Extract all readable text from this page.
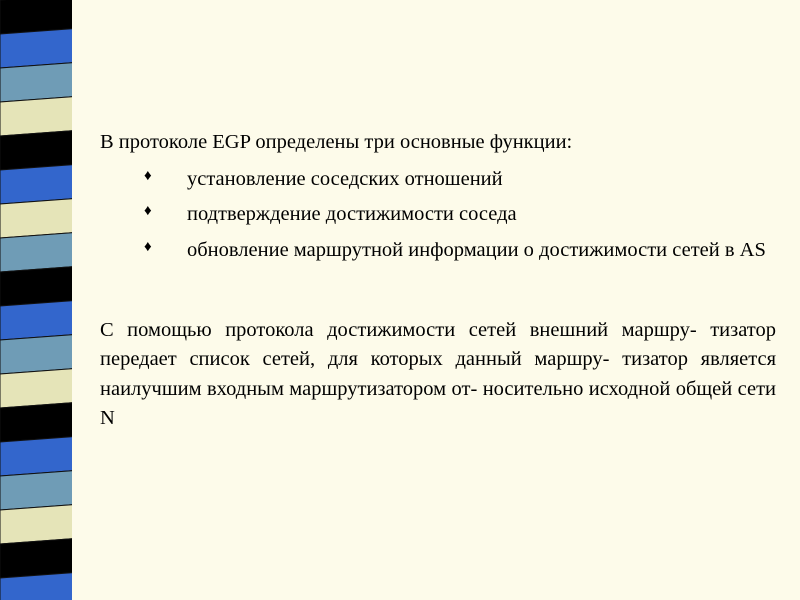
В протоколе EGP определены три основные функции:

♦ установление соседских отношений
♦ подтверждение достижимости соседа
♦ обновление маршрутной информации о достижимости сетей в AS

С помощью протокола достижимости сетей внешний маршру- тизатор передает список сетей, для которых данный маршру- тизатор является наилучшим входным маршрутизатором от- носительно исходной общей сети N
